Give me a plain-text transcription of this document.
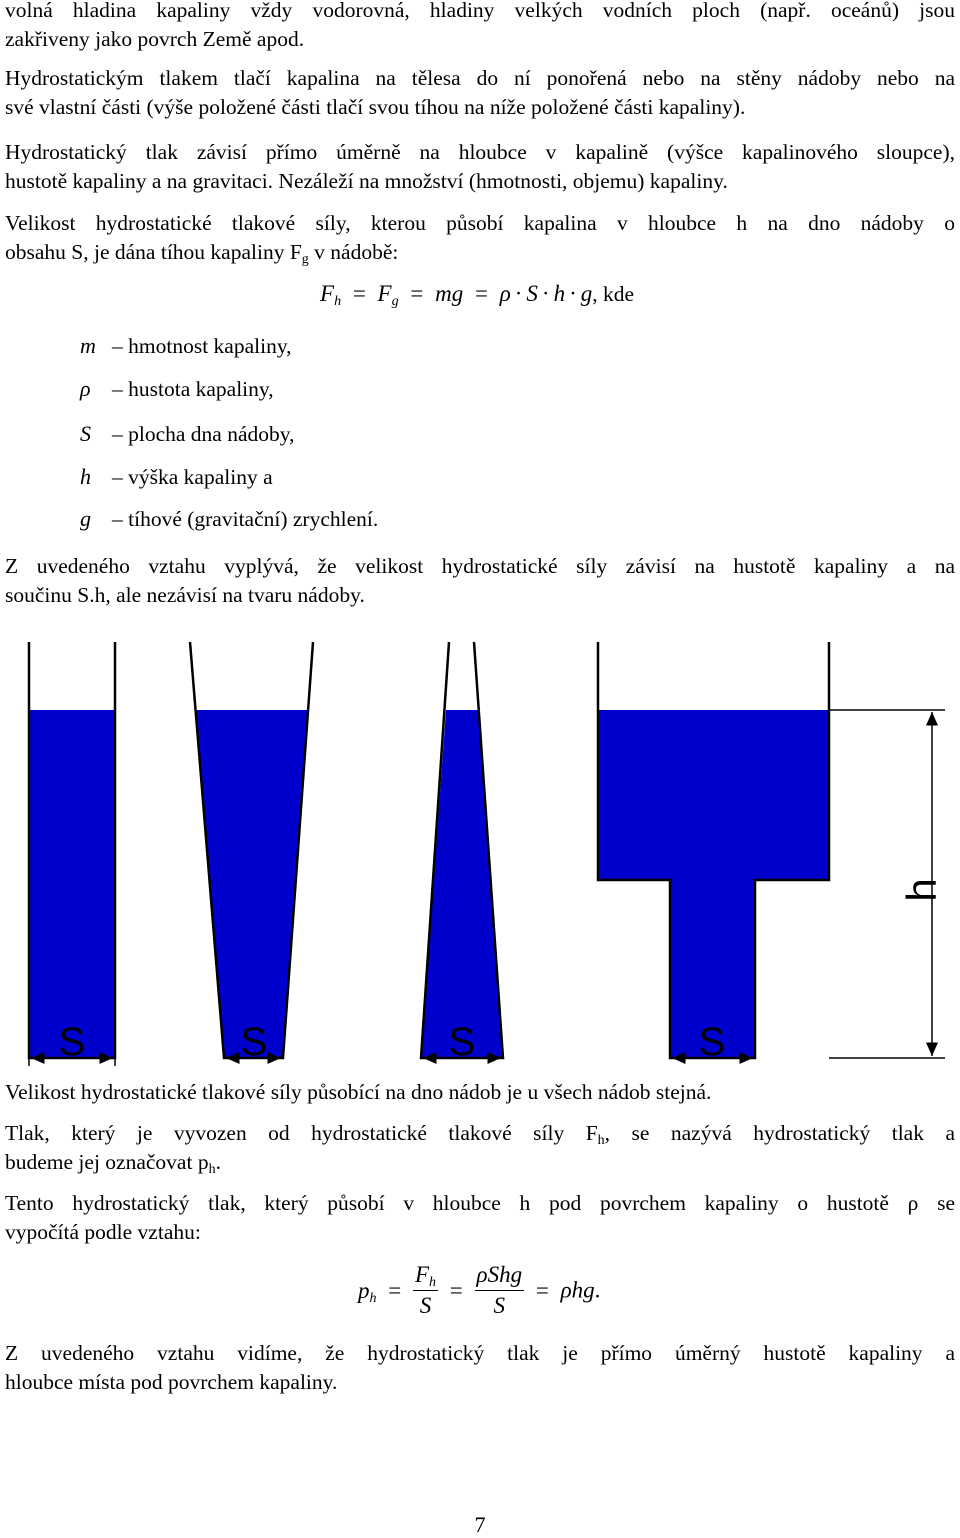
volná hladina kapaliny vždy vodorovná, hladiny velkých vodních ploch (např. oceánů) jsou
zakřiveny jako povrch Země apod.
Hydrostatickým tlakem tlačí kapalina na tělesa do ní ponořená nebo na stěny nádoby nebo na
své vlastní části (výše položené části tlačí svou tíhou na níže položené části kapaliny).
Hydrostatický tlak závisí přímo úměrně na hloubce v kapalině (výšce kapalinového sloupce),
hustotě kapaliny a na gravitaci. Nezáleží na množství (hmotnosti, objemu) kapaliny.
Velikost hydrostatické tlakové síly, kterou působí kapalina v hloubce h na dno nádoby o
obsahu S, je dána tíhou kapaliny $F_g$ v nádobě:
$F_h = F_g$ = mg = ρ · S · h · g, kde
m – hmotnost kapaliny,
ρ – hustota kapaliny,
S – plocha dna nádoby,
h – výška kapaliny a
g – tíhové (gravitační) zrychlení.
Z uvedeného vztahu vyplývá, že velikost hydrostatické síly závisí na hustotě kapaliny a na
součinu S.h, ale nezávisí na tvaru nádoby.
h
S	S	S	S
Velikost hydrostatické tlakové síly působící na dno nádob je u všech nádob stejná.
Tlak, který je vyvozen od hydrostatické tlakové síly $F_h$, se nazývá hydrostatický tlak a
budeme jej označovat $p_h$.
Tento hydrostatický tlak, který působí v hloubce h pod povrchem kapaliny o hustotě ρ se
vypočítá podle vztahu:
$p_h = \frac{F_h}{S} = \frac{\text{ρShg}}{S} = \rho hg$.
Z uvedeného vztahu vidíme, že hydrostatický tlak je přímo úměrný hustotě kapaliny a
hloubce místa pod povrchem kapaliny.
7
